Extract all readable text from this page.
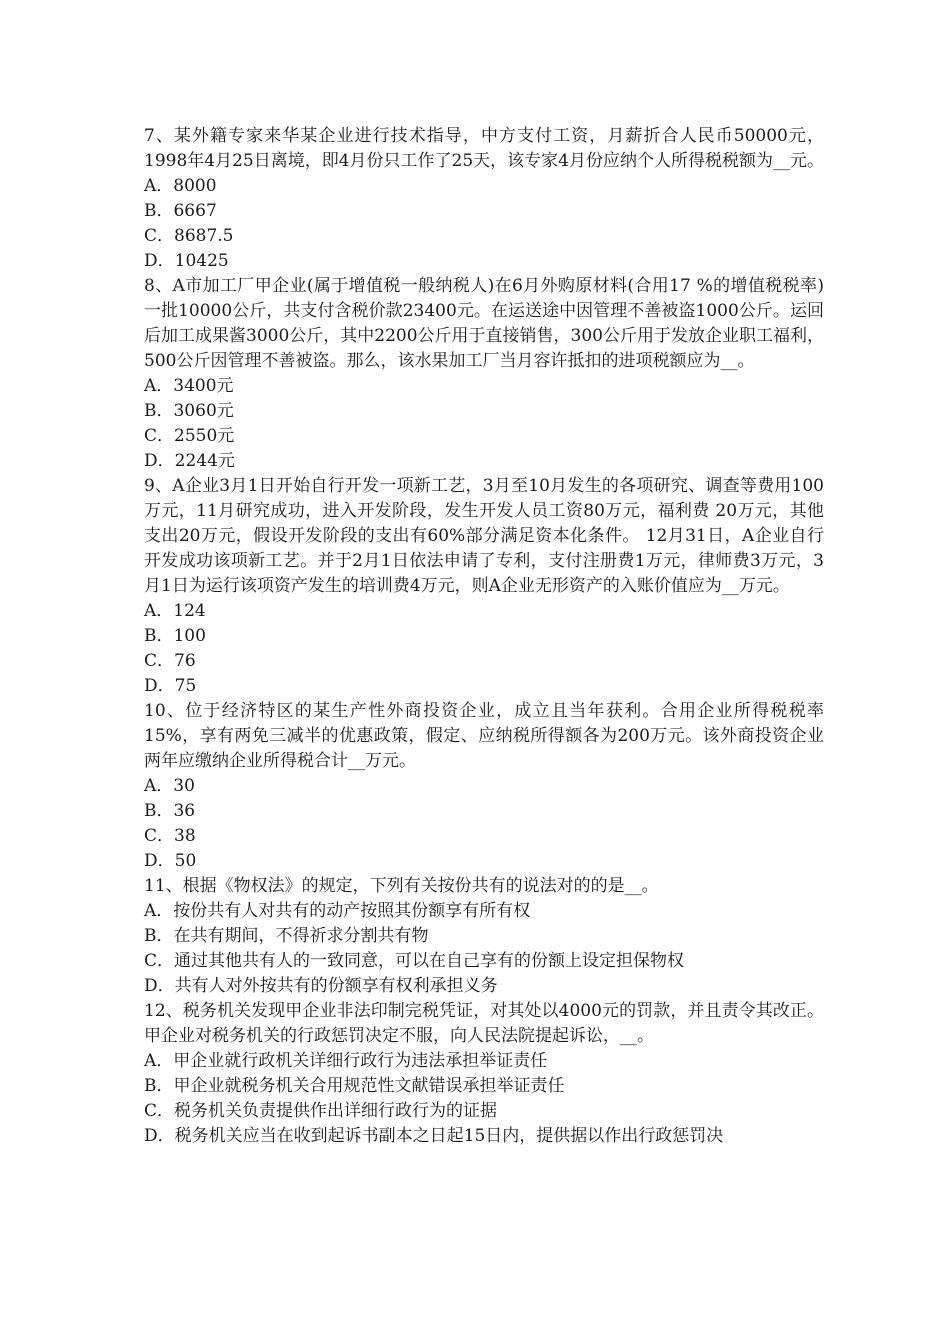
7、某外籍专家来华某企业进行技术指导，中方支付工资，月薪折合人民币50000元， 1998年4月25日离境，即4月份只工作了25天，该专家4月份应纳个人所得税税额为__元。

A．8000

B．6667

C．8687.5

D．10425

8、A市加工厂甲企业(属于增值税一般纳税人)在6月外购原材料(合用17 %的增值税税率)一批10000公斤，共支付含税价款23400元。在运送途中因管理不善被盗1000公斤。运回后加工成果酱3000公斤，其中2200公斤用于直接销售，300公斤用于发放企业职工福利，500公斤因管理不善被盗。那么，该水果加工厂当月容许抵扣的进项税额应为__。

A．3400元

B．3060元

C．2550元

D．2244元

9、A企业3月1日开始自行开发一项新工艺，3月至10月发生的各项研究、调查等费用100万元，11月研究成功，进入开发阶段，发生开发人员工资80万元，福利费 20万元，其他支出20万元，假设开发阶段的支出有60%部分满足资本化条件。 12月31日，A企业自行开发成功该项新工艺。并于2月1日依法申请了专利，支付注册费1万元，律师费3万元，3月1日为运行该项资产发生的培训费4万元，则A企业无形资产的入账价值应为__万元。

A．124

B．100

C．76

D．75

10、位于经济特区的某生产性外商投资企业，成立且当年获利。合用企业所得税税率15%，享有两免三减半的优惠政策，假定、应纳税所得额各为200万元。该外商投资企业两年应缴纳企业所得税合计__万元。

A．30

B．36

C．38

D．50

11、根据《物权法》的规定，下列有关按份共有的说法对的的是__。

A．按份共有人对共有的动产按照其份额享有所有权

B．在共有期间，不得祈求分割共有物

C．通过其他共有人的一致同意，可以在自己享有的份额上设定担保物权

D．共有人对外按共有的份额享有权利承担义务

12、税务机关发现甲企业非法印制完税凭证，对其处以4000元的罚款，并且责令其改正。甲企业对税务机关的行政惩罚决定不服，向人民法院提起诉讼，__。

A．甲企业就行政机关详细行政行为违法承担举证责任

B．甲企业就税务机关合用规范性文献错误承担举证责任

C．税务机关负责提供作出详细行政行为的证据

D．税务机关应当在收到起诉书副本之日起15日内，提供据以作出行政惩罚决
